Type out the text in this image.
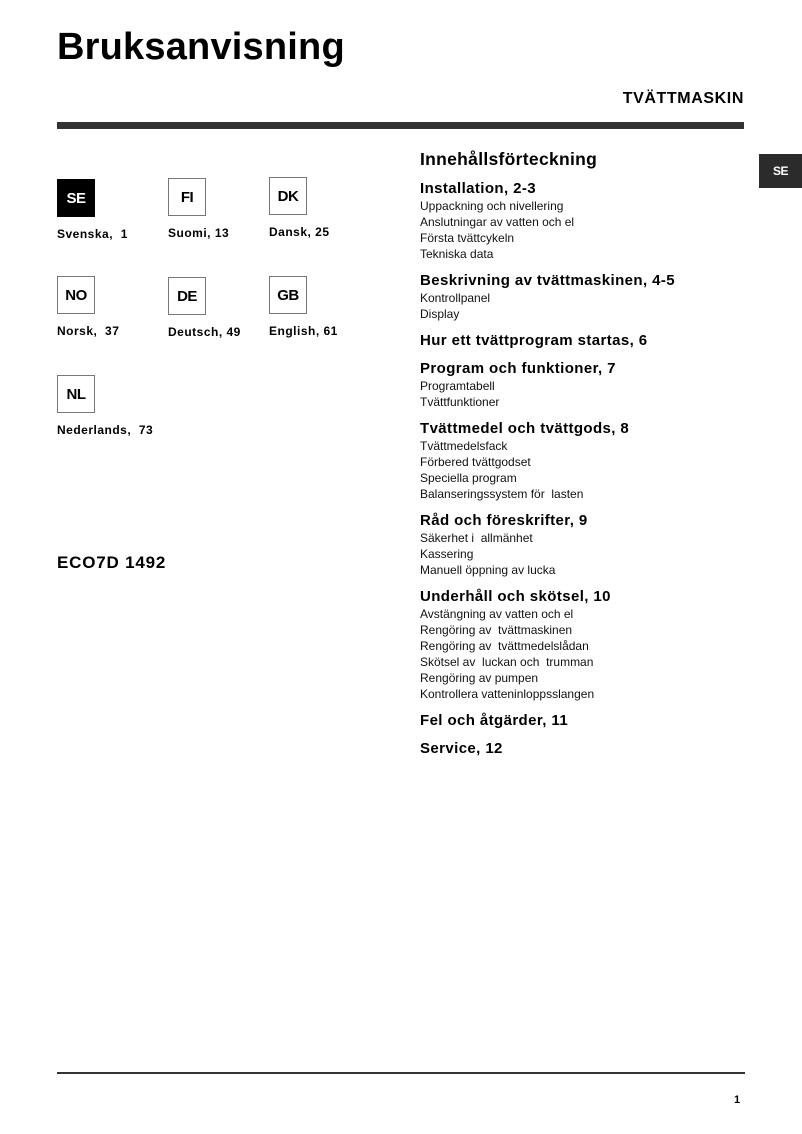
Bruksanvisning
TVÄTTMASKIN
SE
SE
Svenska,  1
FI
Suomi, 13
DK
Dansk, 25
NO
Norsk,  37
DE
Deutsch, 49
GB
English, 61
NL
Nederlands,  73
ECO7D 1492
Innehållsförteckning
Installation, 2-3
Uppackning och nivellering
Anslutningar av vatten och el
Första tvättcykeln
Tekniska data
Beskrivning av tvättmaskinen, 4-5
Kontrollpanel
Display
Hur ett tvättprogram startas, 6
Program och funktioner, 7
Programtabell
Tvättfunktioner
Tvättmedel och tvättgods, 8
Tvättmedelsfack
Förbered tvättgodset
Speciella program
Balanseringssystem för  lasten
Råd och föreskrifter, 9
Säkerhet i  allmänhet
Kassering
Manuell öppning av lucka
Underhåll och skötsel, 10
Avstängning av vatten och el
Rengöring av  tvättmaskinen
Rengöring av  tvättmedelslådan
Skötsel av  luckan och  trumman
Rengöring av pumpen
Kontrollera vatteninloppsslangen
Fel och åtgärder, 11
Service, 12
1
